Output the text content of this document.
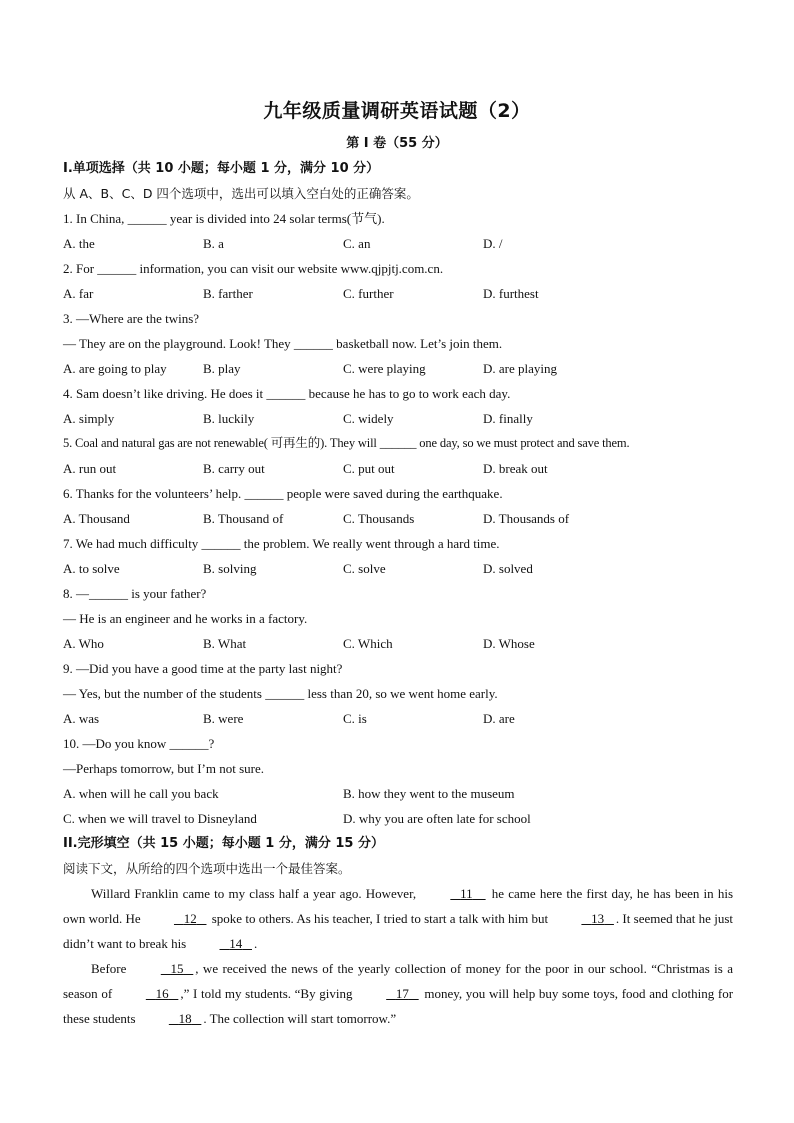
九年级质量调研英语试题（2）
第 I 卷（55 分）
I.单项选择（共 10 小题；每小题 1 分，满分 10 分）
从 A、B、C、D 四个选项中，选出可以填入空白处的正确答案。
1. In China, ______ year is divided into 24 solar terms(节气).
A. the	B. a	C. an	D. /
2. For ______ information, you can visit our website www.qjpjtj.com.cn.
A. far	B. farther	C. further	D. furthest
3. —Where are the twins?
— They are on the playground. Look! They ______ basketball now. Let’s join them.
A. are going to play	B. play	C. were playing	D. are playing
4. Sam doesn’t like driving. He does it ______ because he has to go to work each day.
A. simply	B. luckily	C. widely	D. finally
5. Coal and natural gas are not renewable( 可再生的). They will ______ one day, so we must protect and save them.
A. run out	B. carry out	C. put out	D. break out
6. Thanks for the volunteers’ help. ______ people were saved during the earthquake.
A. Thousand	B. Thousand of	C. Thousands	D. Thousands of
7. We had much difficulty ______ the problem. We really went through a hard time.
A. to solve	B. solving	C. solve	D. solved
8. —______ is your father?
— He is an engineer and he works in a factory.
A. Who	B. What	C. Which	D. Whose
9. —Did you have a good time at the party last night?
— Yes, but the number of the students ______ less than 20, so we went home early.
A. was	B. were	C. is	D. are
10. —Do you know ______?
—Perhaps tomorrow, but I’m not sure.
A. when will he call you back	B. how they went to the museum
C. when we will travel to Disneyland	D. why you are often late for school
II.完形填空（共 15 小题；每小题 1 分，满分 15 分）
阅读下文，从所给的四个选项中选出一个最佳答案。

Willard Franklin came to my class half a year ago. However,	11 he came here the first day, he has been in his own world. He	12 spoke to others. As his teacher, I tried to start a talk with him but	13 . It seemed that he just didn’t want to break his	14 .

Before	15 , we received the news of the yearly collection of money for the poor in our school. “Christmas is a season of	16 ,” I told my students. “By giving	17 money, you will help buy some toys, food and clothing for these students	18 . The collection will start tomorrow.”
